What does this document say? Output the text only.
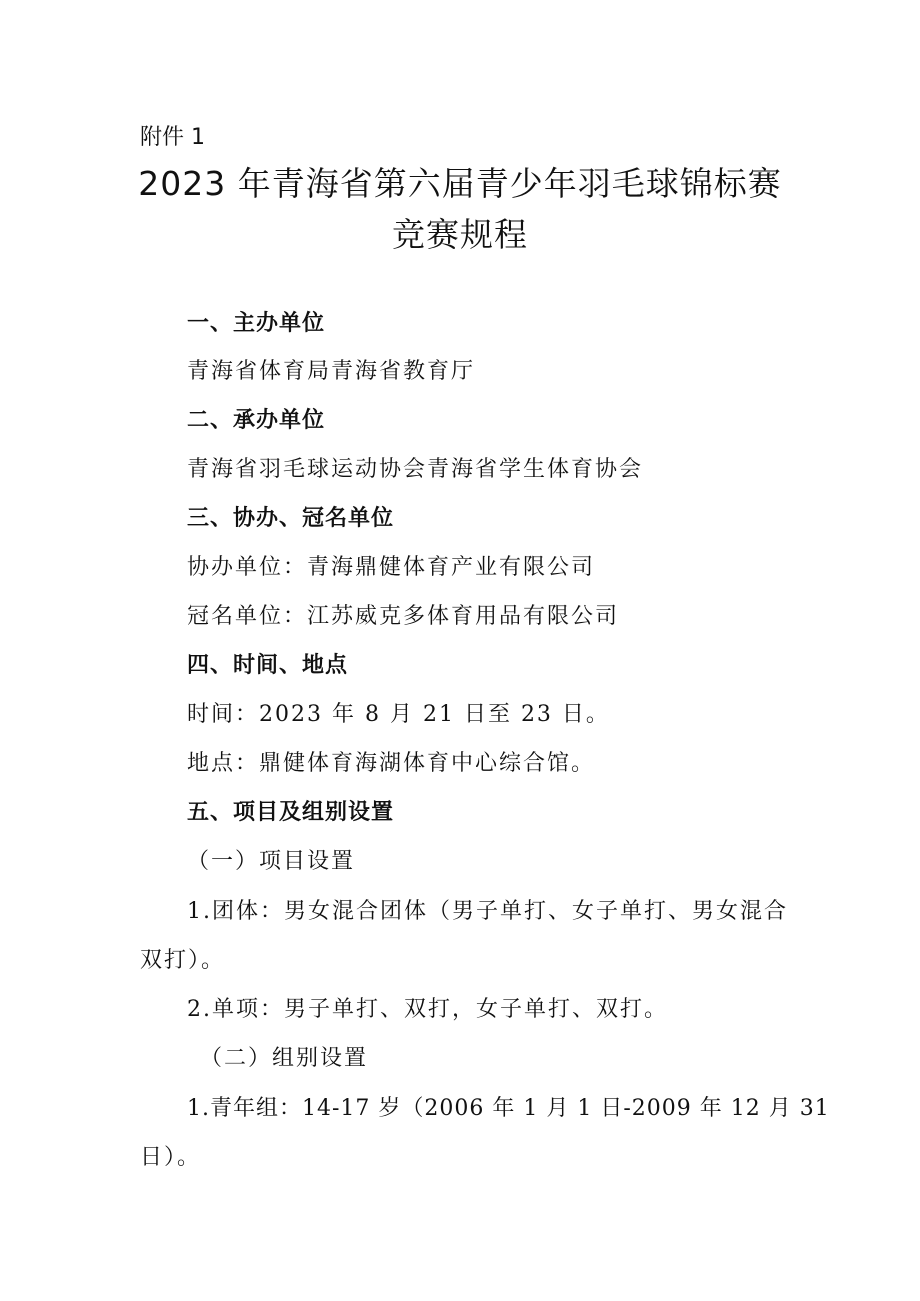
附件 1
2023 年青海省第六届青少年羽毛球锦标赛
竞赛规程
一、主办单位
青海省体育局青海省教育厅
二、承办单位
青海省羽毛球运动协会青海省学生体育协会
三、协办、冠名单位
协办单位：青海鼎健体育产业有限公司
冠名单位：江苏威克多体育用品有限公司
四、时间、地点
时间：2023 年 8 月 21 日至 23 日。
地点：鼎健体育海湖体育中心综合馆。
五、项目及组别设置
（一）项目设置
1.团体：男女混合团体（男子单打、女子单打、男女混合
双打）。
2.单项：男子单打、双打，女子单打、双打。
（二）组别设置
1.青年组：14-17 岁（2006 年 1 月 1 日-2009 年 12 月 31
日）。
